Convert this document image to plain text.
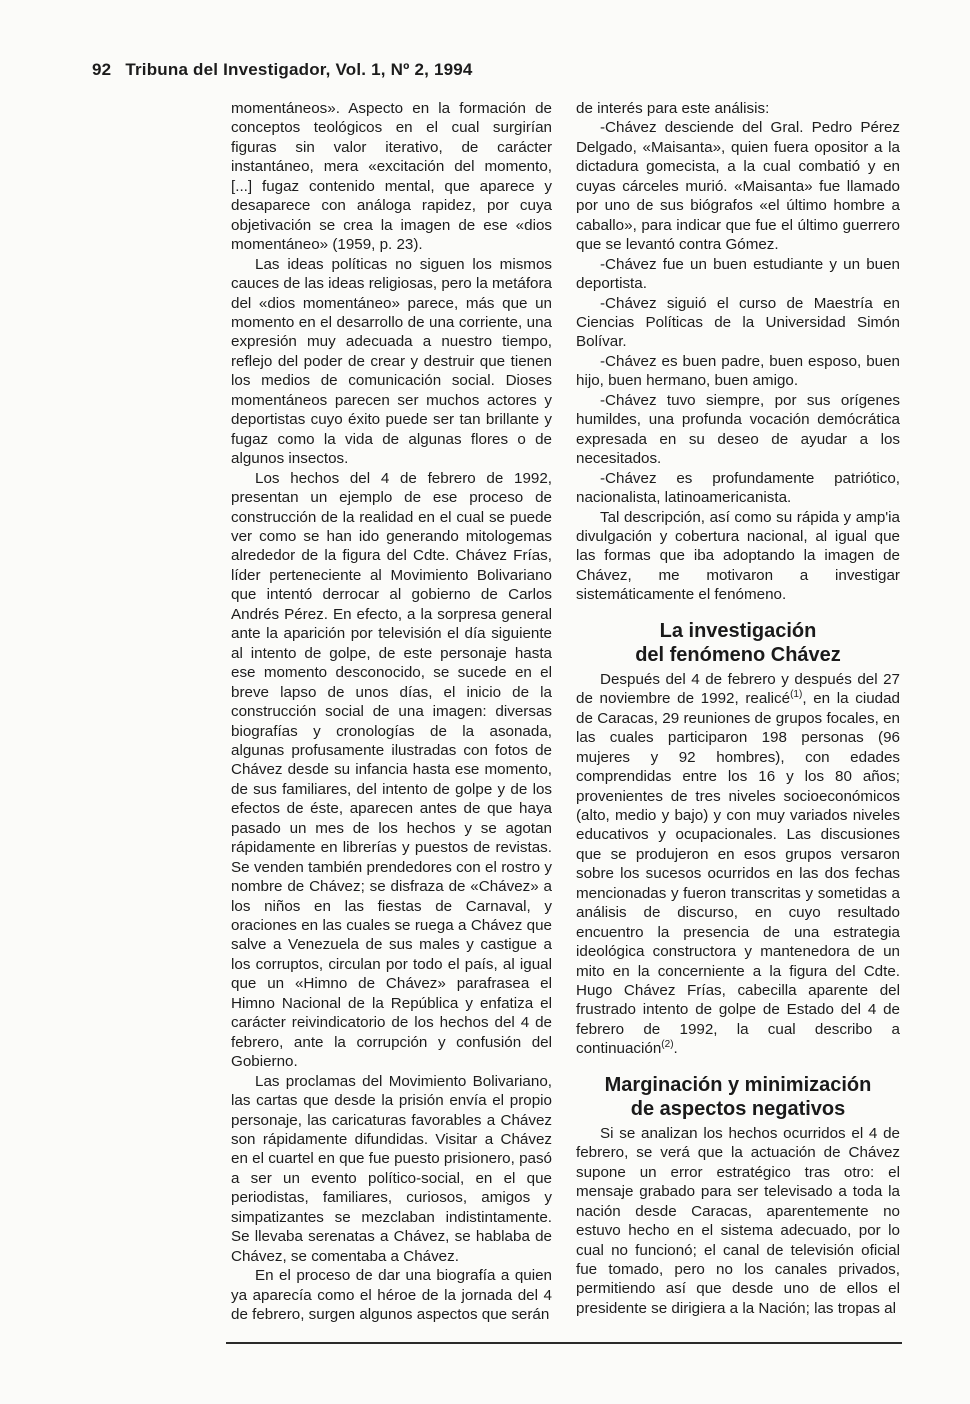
92 Tribuna del Investigador, Vol. 1, Nº 2, 1994

momentáneos». Aspecto en la formación de conceptos teológicos en el cual surgirían figuras sin valor iterativo, de carácter instantáneo, mera «excitación del momento, [...] fugaz contenido mental, que aparece y desaparece con análoga rapidez, por cuya objetivación se crea la imagen de ese «dios momentáneo» (1959, p. 23).

Las ideas políticas no siguen los mismos cauces de las ideas religiosas, pero la metáfora del «dios momentáneo» parece, más que un momento en el desarrollo de una corriente, una expresión muy adecuada a nuestro tiempo, reflejo del poder de crear y destruir que tienen los medios de comunicación social. Dioses momentáneos parecen ser muchos actores y deportistas cuyo éxito puede ser tan brillante y fugaz como la vida de algunas flores o de algunos insectos.

Los hechos del 4 de febrero de 1992, presentan un ejemplo de ese proceso de construcción de la realidad en el cual se puede ver como se han ido generando mitologemas alrededor de la figura del Cdte. Chávez Frías, líder perteneciente al Movimiento Bolivariano que intentó derrocar al gobierno de Carlos Andrés Pérez. En efecto, a la sorpresa general ante la aparición por televisión el día siguiente al intento de golpe, de este personaje hasta ese momento desconocido, se sucede en el breve lapso de unos días, el inicio de la construcción social de una imagen: diversas biografías y cronologías de la asonada, algunas profusamente ilustradas con fotos de Chávez desde su infancia hasta ese momento, de sus familiares, del intento de golpe y de los efectos de éste, aparecen antes de que haya pasado un mes de los hechos y se agotan rápidamente en librerías y puestos de revistas. Se venden también prendedores con el rostro y nombre de Chávez; se disfraza de «Chávez» a los niños en las fiestas de Carnaval, y oraciones en las cuales se ruega a Chávez que salve a Venezuela de sus males y castigue a los corruptos, circulan por todo el país, al igual que un «Himno de Chávez» parafrasea el Himno Nacional de la República y enfatiza el carácter reivindicatorio de los hechos del 4 de febrero, ante la corrupción y confusión del Gobierno.

Las proclamas del Movimiento Bolivariano, las cartas que desde la prisión envía el propio personaje, las caricaturas favorables a Chávez son rápidamente difundidas. Visitar a Chávez en el cuartel en que fue puesto prisionero, pasó a ser un evento político-social, en el que periodistas, familiares, curiosos, amigos y simpatizantes se mezclaban indistintamente. Se llevaba serenatas a Chávez, se hablaba de Chávez, se comentaba a Chávez.

En el proceso de dar una biografía a quien ya aparecía como el héroe de la jornada del 4 de febrero, surgen algunos aspectos que serán

de interés para este análisis:

-Chávez desciende del Gral. Pedro Pérez Delgado, «Maisanta», quien fuera opositor a la dictadura gomecista, a la cual combatió y en cuyas cárceles murió. «Maisanta» fue llamado por uno de sus biógrafos «el último hombre a caballo», para indicar que fue el último guerrero que se levantó contra Gómez.

-Chávez fue un buen estudiante y un buen deportista.

-Chávez siguió el curso de Maestría en Ciencias Políticas de la Universidad Simón Bolívar.

-Chávez es buen padre, buen esposo, buen hijo, buen hermano, buen amigo.

-Chávez tuvo siempre, por sus orígenes humildes, una profunda vocación demócrática expresada en su deseo de ayudar a los necesitados.

-Chávez es profundamente patriótico, nacionalista, latinoamericanista.

Tal descripción, así como su rápida y amp'ia divulgación y cobertura nacional, al igual que las formas que iba adoptando la imagen de Chávez, me motivaron a investigar sistemáticamente el fenómeno.

La investigación
del fenómeno Chávez

Después del 4 de febrero y después del 27 de noviembre de 1992, realicé$^{(1)}$, en la ciudad de Caracas, 29 reuniones de grupos focales, en las cuales participaron 198 personas (96 mujeres y 92 hombres), con edades comprendidas entre los 16 y los 80 años; provenientes de tres niveles socioeconómicos (alto, medio y bajo) y con muy variados niveles educativos y ocupacionales. Las discusiones que se produjeron en esos grupos versaron sobre los sucesos ocurridos en las dos fechas mencionadas y fueron transcritas y sometidas a análisis de discurso, en cuyo resultado encuentro la presencia de una estrategia ideológica constructora y mantenedora de un mito en la concerniente a la figura del Cdte. Hugo Chávez Frías, cabecilla aparente del frustrado intento de golpe de Estado del 4 de febrero de 1992, la cual describo a continuación$^{(2)}$.

Marginación y minimización
de aspectos negativos

Si se analizan los hechos ocurridos el 4 de febrero, se verá que la actuación de Chávez supone un error estratégico tras otro: el mensaje grabado para ser televisado a toda la nación desde Caracas, aparentemente no estuvo hecho en el sistema adecuado, por lo cual no funcionó; el canal de televisión oficial fue tomado, pero no los canales privados, permitiendo así que desde uno de ellos el presidente se dirigiera a la Nación; las tropas al
